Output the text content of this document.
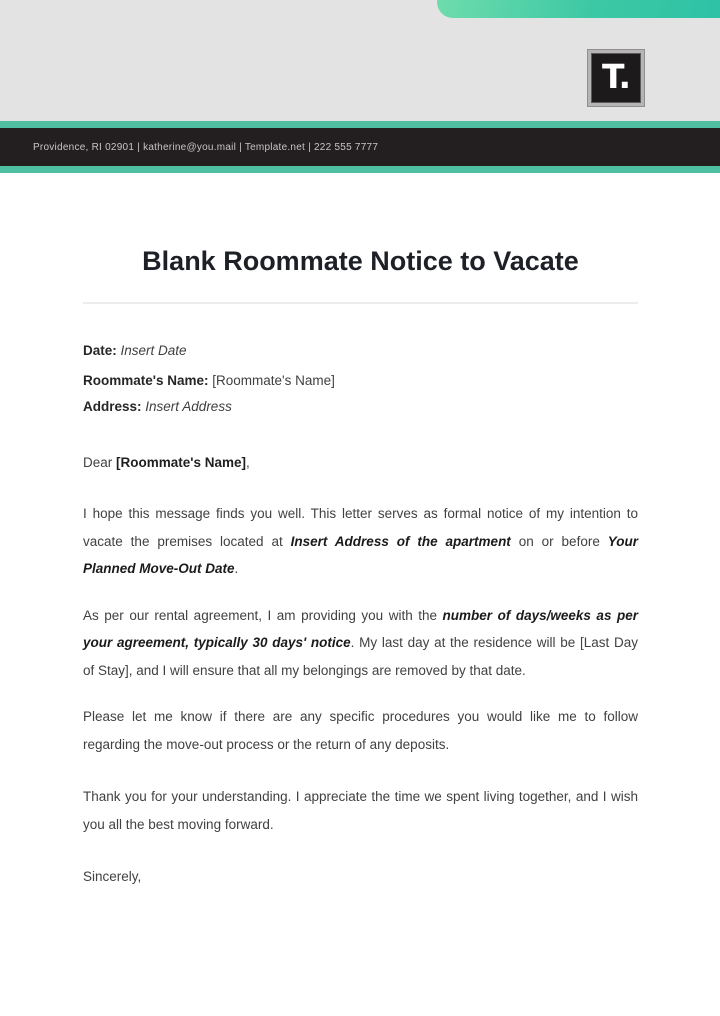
T.
Providence, RI 02901 | katherine@you.mail | Template.net | 222 555 7777
Blank Roommate Notice to Vacate

Date: Insert Date

Roommate's Name: [Roommate's Name]
Address: Insert Address

Dear [Roommate's Name],

I hope this message finds you well. This letter serves as formal notice of my intention to vacate the premises located at Insert Address of the apartment on or before Your Planned Move-Out Date.

As per our rental agreement, I am providing you with the number of days/weeks as per your agreement, typically 30 days' notice. My last day at the residence will be [Last Day of Stay], and I will ensure that all my belongings are removed by that date.

Please let me know if there are any specific procedures you would like me to follow regarding the move-out process or the return of any deposits.

Thank you for your understanding. I appreciate the time we spent living together, and I wish you all the best moving forward.

Sincerely,
